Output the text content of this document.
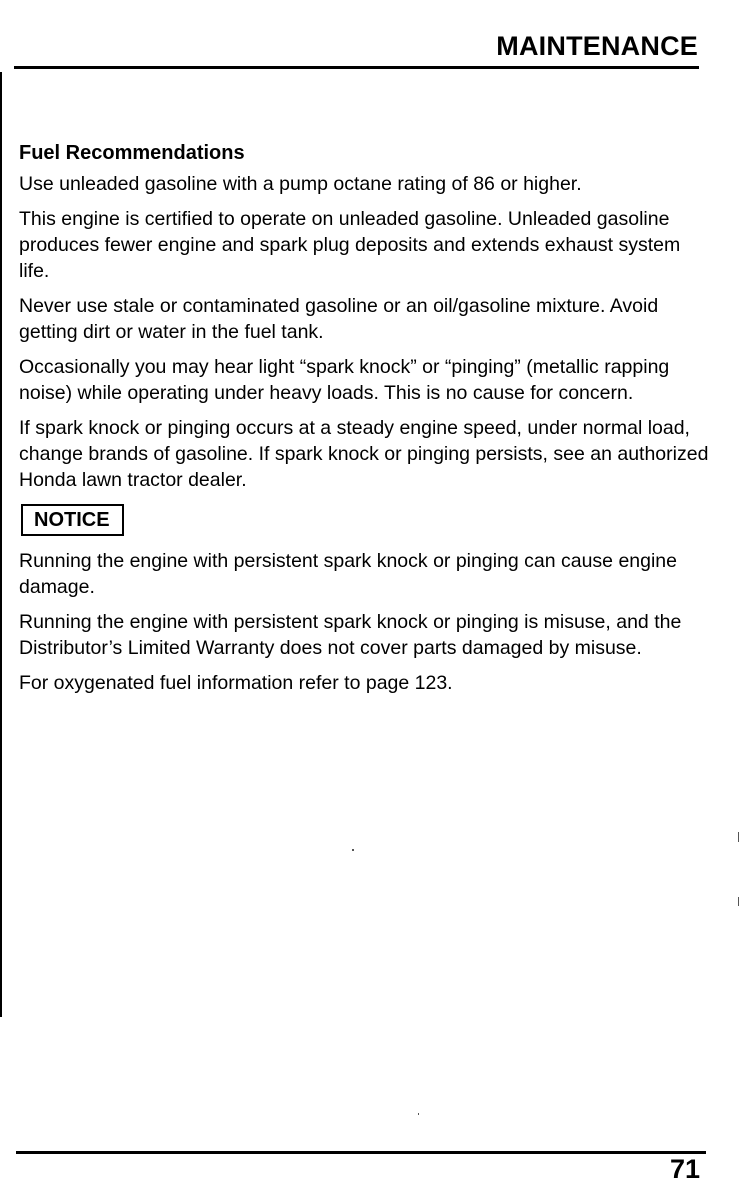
MAINTENANCE
Fuel Recommendations

Use unleaded gasoline with a pump octane rating of 86 or higher.

This engine is certified to operate on unleaded gasoline. Unleaded gasoline produces fewer engine and spark plug deposits and extends exhaust system life.

Never use stale or contaminated gasoline or an oil/gasoline mixture. Avoid getting dirt or water in the fuel tank.

Occasionally you may hear light “spark knock” or “pinging” (metallic rapping noise) while operating under heavy loads. This is no cause for concern.

If spark knock or pinging occurs at a steady engine speed, under normal load, change brands of gasoline. If spark knock or pinging persists, see an authorized Honda lawn tractor dealer.

NOTICE

Running the engine with persistent spark knock or pinging can cause engine damage.

Running the engine with persistent spark knock or pinging is misuse, and the Distributor’s Limited Warranty does not cover parts damaged by misuse.

For oxygenated fuel information refer to page 123.

71
